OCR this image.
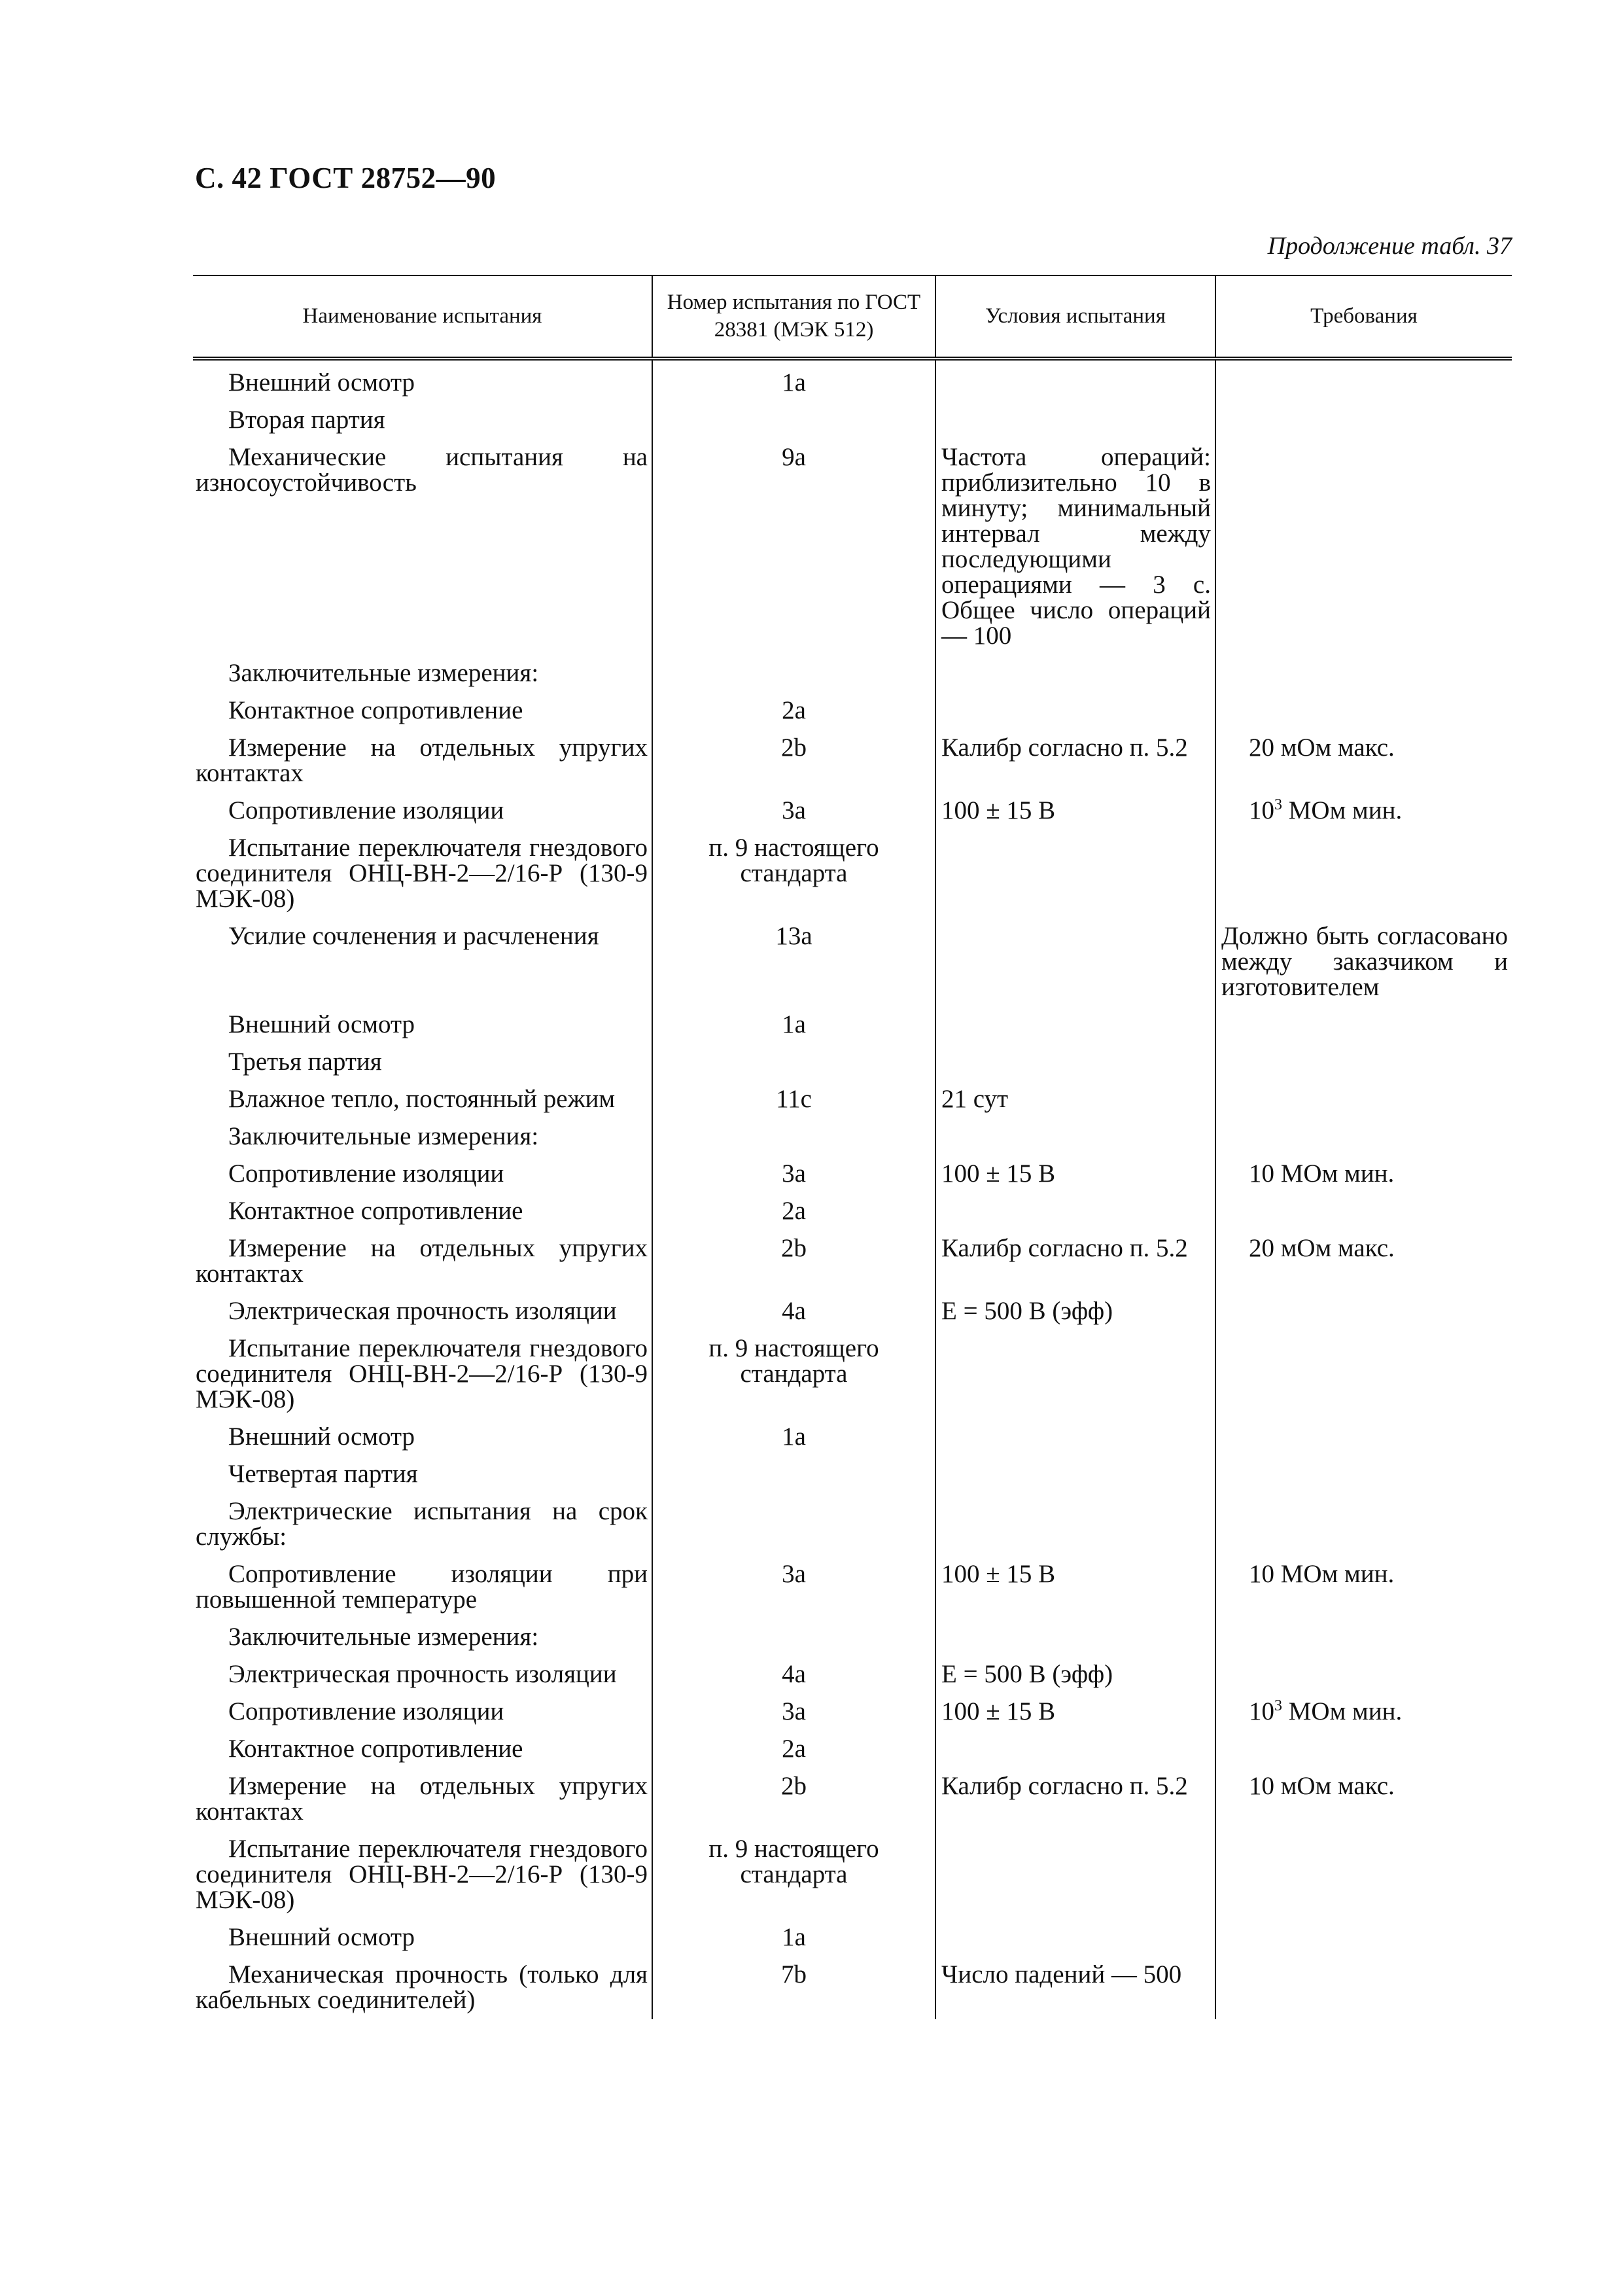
С. 42 ГОСТ 28752—90
Продолжение табл. 37
Наименование испытания	Номер испытания по ГОСТ 28381 (МЭК 512)	Условия испытания	Требования
Внешний осмотр	1a		
Вторая партия			
Механические испытания на износоустойчивость	9a	Частота операций: приблизительно 10 в минуту; минимальный интервал между последующими операциями — 3 с. Общее число операций — 100	
Заключительные измерения:			
Контактное сопротивление	2a		
Измерение на отдельных упругих контактах	2b	Калибр согласно п. 5.2	20 мОм макс.
Сопротивление изоляции	3a	100 ± 15 В	$10^3$ МОм мин.
Испытание переключателя гнездового соединителя ОНЦ-ВН-2—2/16-Р (130-9 МЭК-08)	п. 9 настоящего стандарта		
Усилие сочленения и расчленения	13a		Должно быть согласовано между заказчиком и изготовителем
Внешний осмотр	1a		
Третья партия			
Влажное тепло, постоянный режим	11c	21 сут	
Заключительные измерения:			
Сопротивление изоляции	3a	100 ± 15 В	10 МОм мин.
Контактное сопротивление	2a		
Измерение на отдельных упругих контактах	2b	Калибр согласно п. 5.2	20 мОм макс.
Электрическая прочность изоляции	4a	Е = 500 В (эфф)	
Испытание переключателя гнездового соединителя ОНЦ-ВН-2—2/16-Р (130-9 МЭК-08)	п. 9 настоящего стандарта		
Внешний осмотр	1a		
Четвертая партия			
Электрические испытания на срок службы:			
Сопротивление изоляции при повышенной температуре	3a	100 ± 15 В	10 МОм мин.
Заключительные измерения:			
Электрическая прочность изоляции	4a	Е = 500 В (эфф)	
Сопротивление изоляции	3a	100 ± 15 В	$10^3$ МОм мин.
Контактное сопротивление	2a		
Измерение на отдельных упругих контактах	2b	Калибр согласно п. 5.2	10 мОм макс.
Испытание переключателя гнездового соединителя ОНЦ-ВН-2—2/16-Р (130-9 МЭК-08)	п. 9 настоящего стандарта		
Внешний осмотр	1a		
Механическая прочность (только для кабельных соединителей)	7b	Число падений — 500	
